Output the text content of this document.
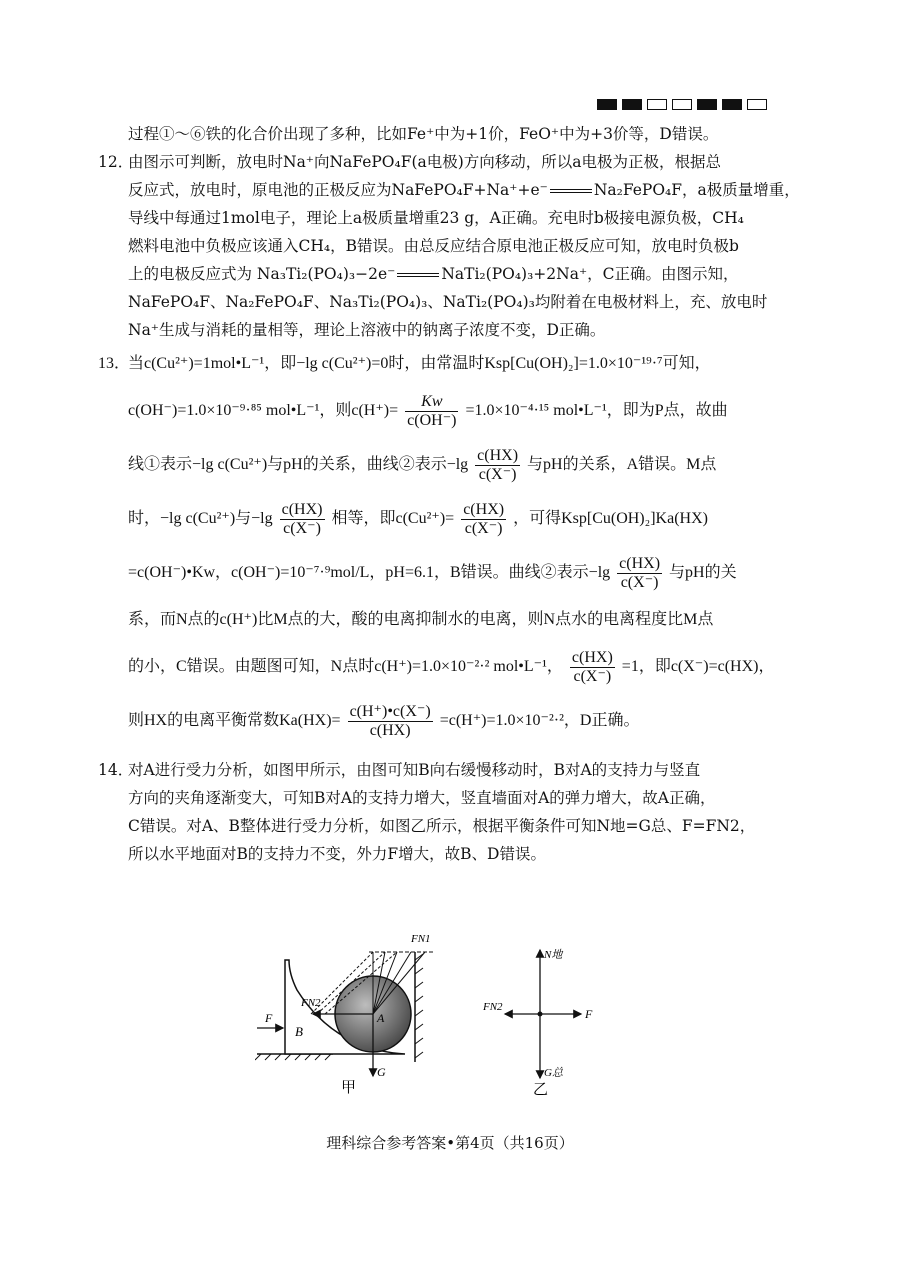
过程①～⑥铁的化合价出现了多种，比如Fe⁺中为+1价，FeO⁺中为+3价等，D错误。
12．
由图示可判断，放电时Na⁺向NaFePO₄F(a电极)方向移动，所以a电极为正极，根据总
反应式，放电时，原电池的正极反应为NaFePO₄F+Na⁺+e⁻	Na₂FePO₄F，a极质量增重，
导线中每通过1mol电子，理论上a极质量增重23 g，A正确。充电时b极接电源负极，CH₄
燃料电池中负极应该通入CH₄，B错误。由总反应结合原电池正极反应可知，放电时负极b
上的电极反应式为 Na₃Ti₂(PO₄)₃−2e⁻	NaTi₂(PO₄)₃+2Na⁺，C正确。由图示知，
NaFePO₄F、Na₂FePO₄F、Na₃Ti₂(PO₄)₃、NaTi₂(PO₄)₃均附着在电极材料上，充、放电时
Na⁺生成与消耗的量相等，理论上溶液中的钠离子浓度不变，D正确。
13．
当c(Cu²⁺)=1mol•L⁻¹，即−lg c(Cu²⁺)=0时，由常温时Ksp[Cu(OH)₂]=1.0×10⁻¹⁹·⁷可知，
c(OH⁻)=1.0×10⁻⁹·⁸⁵ mol•L⁻¹，则$c(H^+)= \frac{Kw}{c(OH^-)} =1.0\times 10^{-4}\cdot^{15}$ mol•L⁻¹，即为P点，故曲
线①表示−lg c(Cu²⁺)与pH的关系，曲线②表示$-\lg \frac{c(HX)}{c(X^-)}$ 与pH的关系，A错误。M点
时，−lg c(Cu²⁺)与$-\lg \frac{c(HX)}{c(X^-)}$ 相等，即$c(Cu^{2+})= \frac{c(HX)}{c(X^-)}$ ，可得Ksp[Cu(OH)₂]Ka(HX)
=c(OH⁻)•Kw，c(OH⁻)=10⁻⁷·⁹mol/L，pH=6.1，B错误。曲线②表示$-\lg \frac{c(HX)}{c(X^-)}$ 与pH的关
系，而N点的c(H⁺)比M点的大，酸的电离抑制水的电离，则N点水的电离程度比M点
的小，C错误。由题图可知，N点时c(H⁺)=1.0×10⁻²·² mol•L⁻¹， $\frac{c(HX)}{c(X^-)} =1$，即c(X⁻)=c(HX)，
则HX的电离平衡常数$Ka(HX)= \frac{c(H^+)•c(X^-)}{c(HX)} =c(H^+)=1.0\times 10^{-2}\cdot^2$，D正确。
14．
对A进行受力分析，如图甲所示，由图可知B向右缓慢移动时，B对A的支持力与竖直
方向的夹角逐渐变大，可知B对A的支持力增大，竖直墙面对A的弹力增大，故A正确，
C错误。对A、B整体进行受力分析，如图乙所示，根据平衡条件可知N地=G总、F=FN2，
所以水平地面对B的支持力不变，外力F增大，故B、D错误。
F
B
FN2
FN1
A
G
甲
N地
FN2	F
G总
乙
理科综合参考答案•第4页（共16页）
